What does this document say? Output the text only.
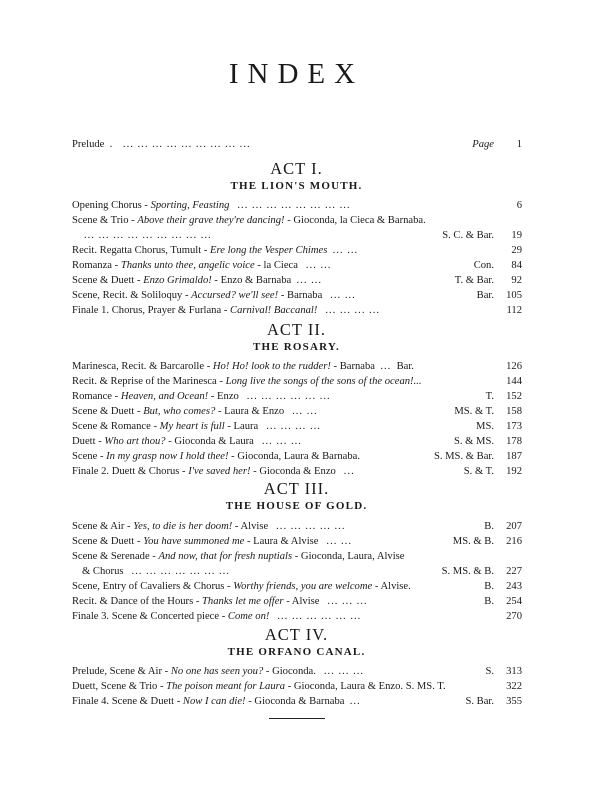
INDEX
Prelude  .    ... ... ... ... ... ... ... ... ...	Page	1
ACT I.
THE LION'S MOUTH.
Opening Chorus - Sporting, Feasting ... ... ... ... ... ... ... ...	6
Scene & Trio - Above their grave they're dancing! - Gioconda, la Cieca & Barnaba.
... ... ... ... ... ... ... ... ...	S. C. & Bar.	19
Recit. Regatta Chorus, Tumult - Ere long the Vesper Chimes ... ...	29
Romanza - Thanks unto thee, angelic voice - la Cieca ... ...	Con.	84
Scene & Duett - Enzo Grimaldo! - Enzo & Barnaba ... ...	T. & Bar.	92
Scene, Recit. & Soliloquy - Accursed? we'll see! - Barnaba ... ...	Bar.	105
Finale 1. Chorus, Prayer & Furlana - Carnival! Baccanal! ... ... ... ...	112
ACT II.
THE ROSARY.
Marinesca, Recit. & Barcarolle - Ho! Ho! look to the rudder! - Barnaba ... Bar.	126
Recit. & Reprise of the Marinesca - Long live the songs of the sons of the ocean!...	144
Romance - Heaven, and Ocean! - Enzo ... ... ... ... ... ...	T.	152
Scene & Duett - But, who comes? - Laura & Enzo ... ...	MS. & T.	158
Scene & Romance - My heart is full - Laura ... ... ... ...	MS.	173
Duett - Who art thou? - Gioconda & Laura ... ... ...	S. & MS.	178
Scene - In my grasp now I hold thee! - Gioconda, Laura & Barnaba.	S. MS. & Bar.	187
Finale 2. Duett & Chorus - I've saved her! - Gioconda & Enzo ...	S. & T.	192
ACT III.
THE HOUSE OF GOLD.
Scene & Air - Yes, to die is her doom! - Alvise ... ... ... ... ...	B.	207
Scene & Duett - You have summoned me - Laura & Alvise ... ...	MS. & B.	216
Scene & Serenade - And now, that for fresh nuptials - Gioconda, Laura, Alvise
& Chorus ... ... ... ... ... ... ...	S. MS. & B.	227
Scene, Entry of Cavaliers & Chorus - Worthy friends, you are welcome - Alvise.	B.	243
Recit. & Dance of the Hours - Thanks let me offer - Alvise ... ... ...	B.	254
Finale 3. Scene & Concerted piece - Come on! ... ... ... ... ... ...	270
ACT IV.
THE ORFANO CANAL.
Prelude, Scene & Air - No one has seen you? - Gioconda. ... ... ...	S.	313
Duett, Scene & Trio - The poison meant for Laura - Gioconda, Laura & Enzo. S. MS. T.	322
Finale 4. Scene & Duett - Now I can die! - Gioconda & Barnaba ...	S. Bar.	355
